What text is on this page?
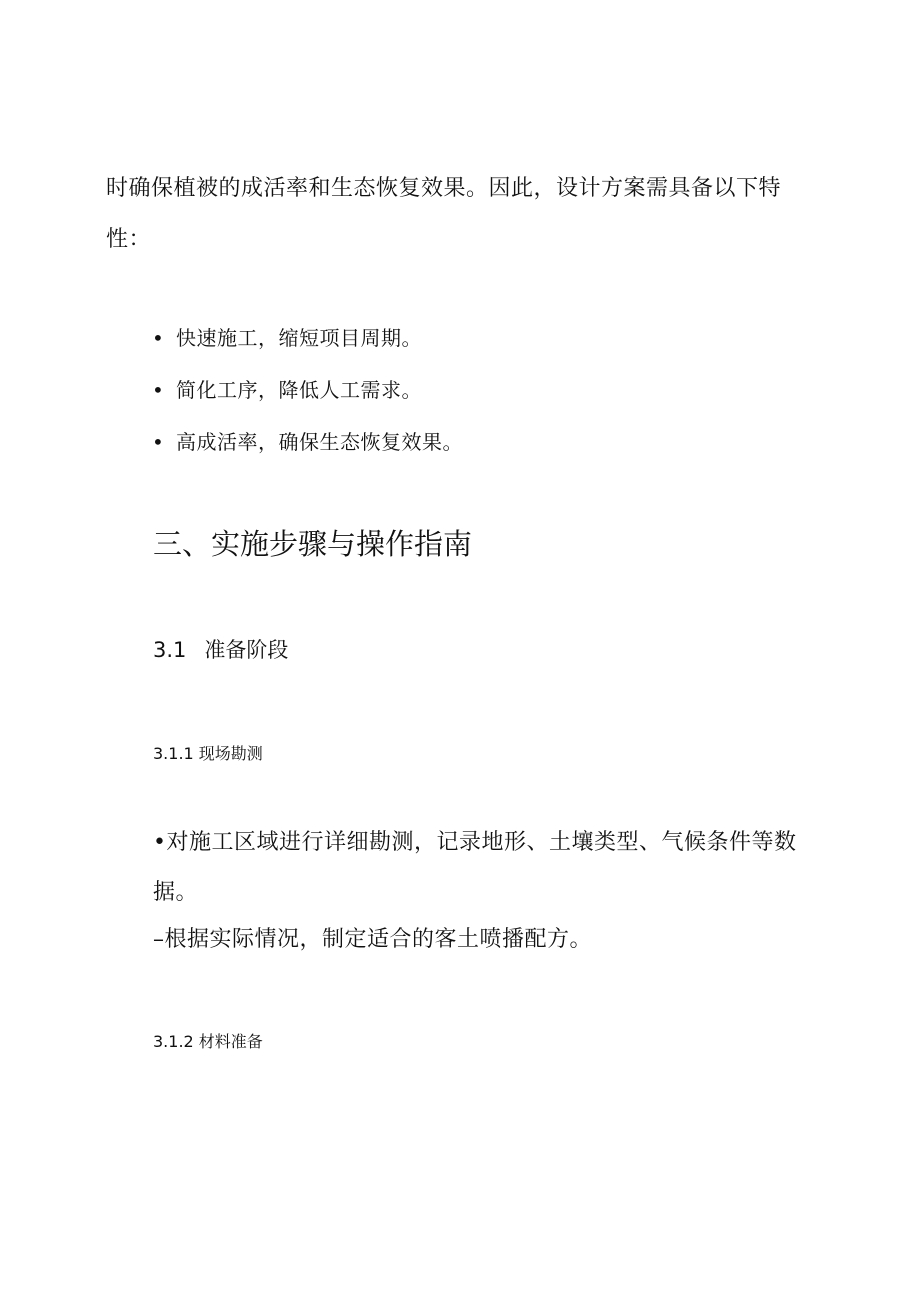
时确保植被的成活率和生态恢复效果。因此，设计方案需具备以下特性：

• 快速施工，缩短项目周期。
• 简化工序，降低人工需求。
• 高成活率，确保生态恢复效果。
三、实施步骤与操作指南
3.1 准备阶段
3.1.1 现场勘测

•对施工区域进行详细勘测，记录地形、土壤类型、气候条件等数据。

–根据实际情况，制定适合的客土喷播配方。

3.1.2 材料准备
